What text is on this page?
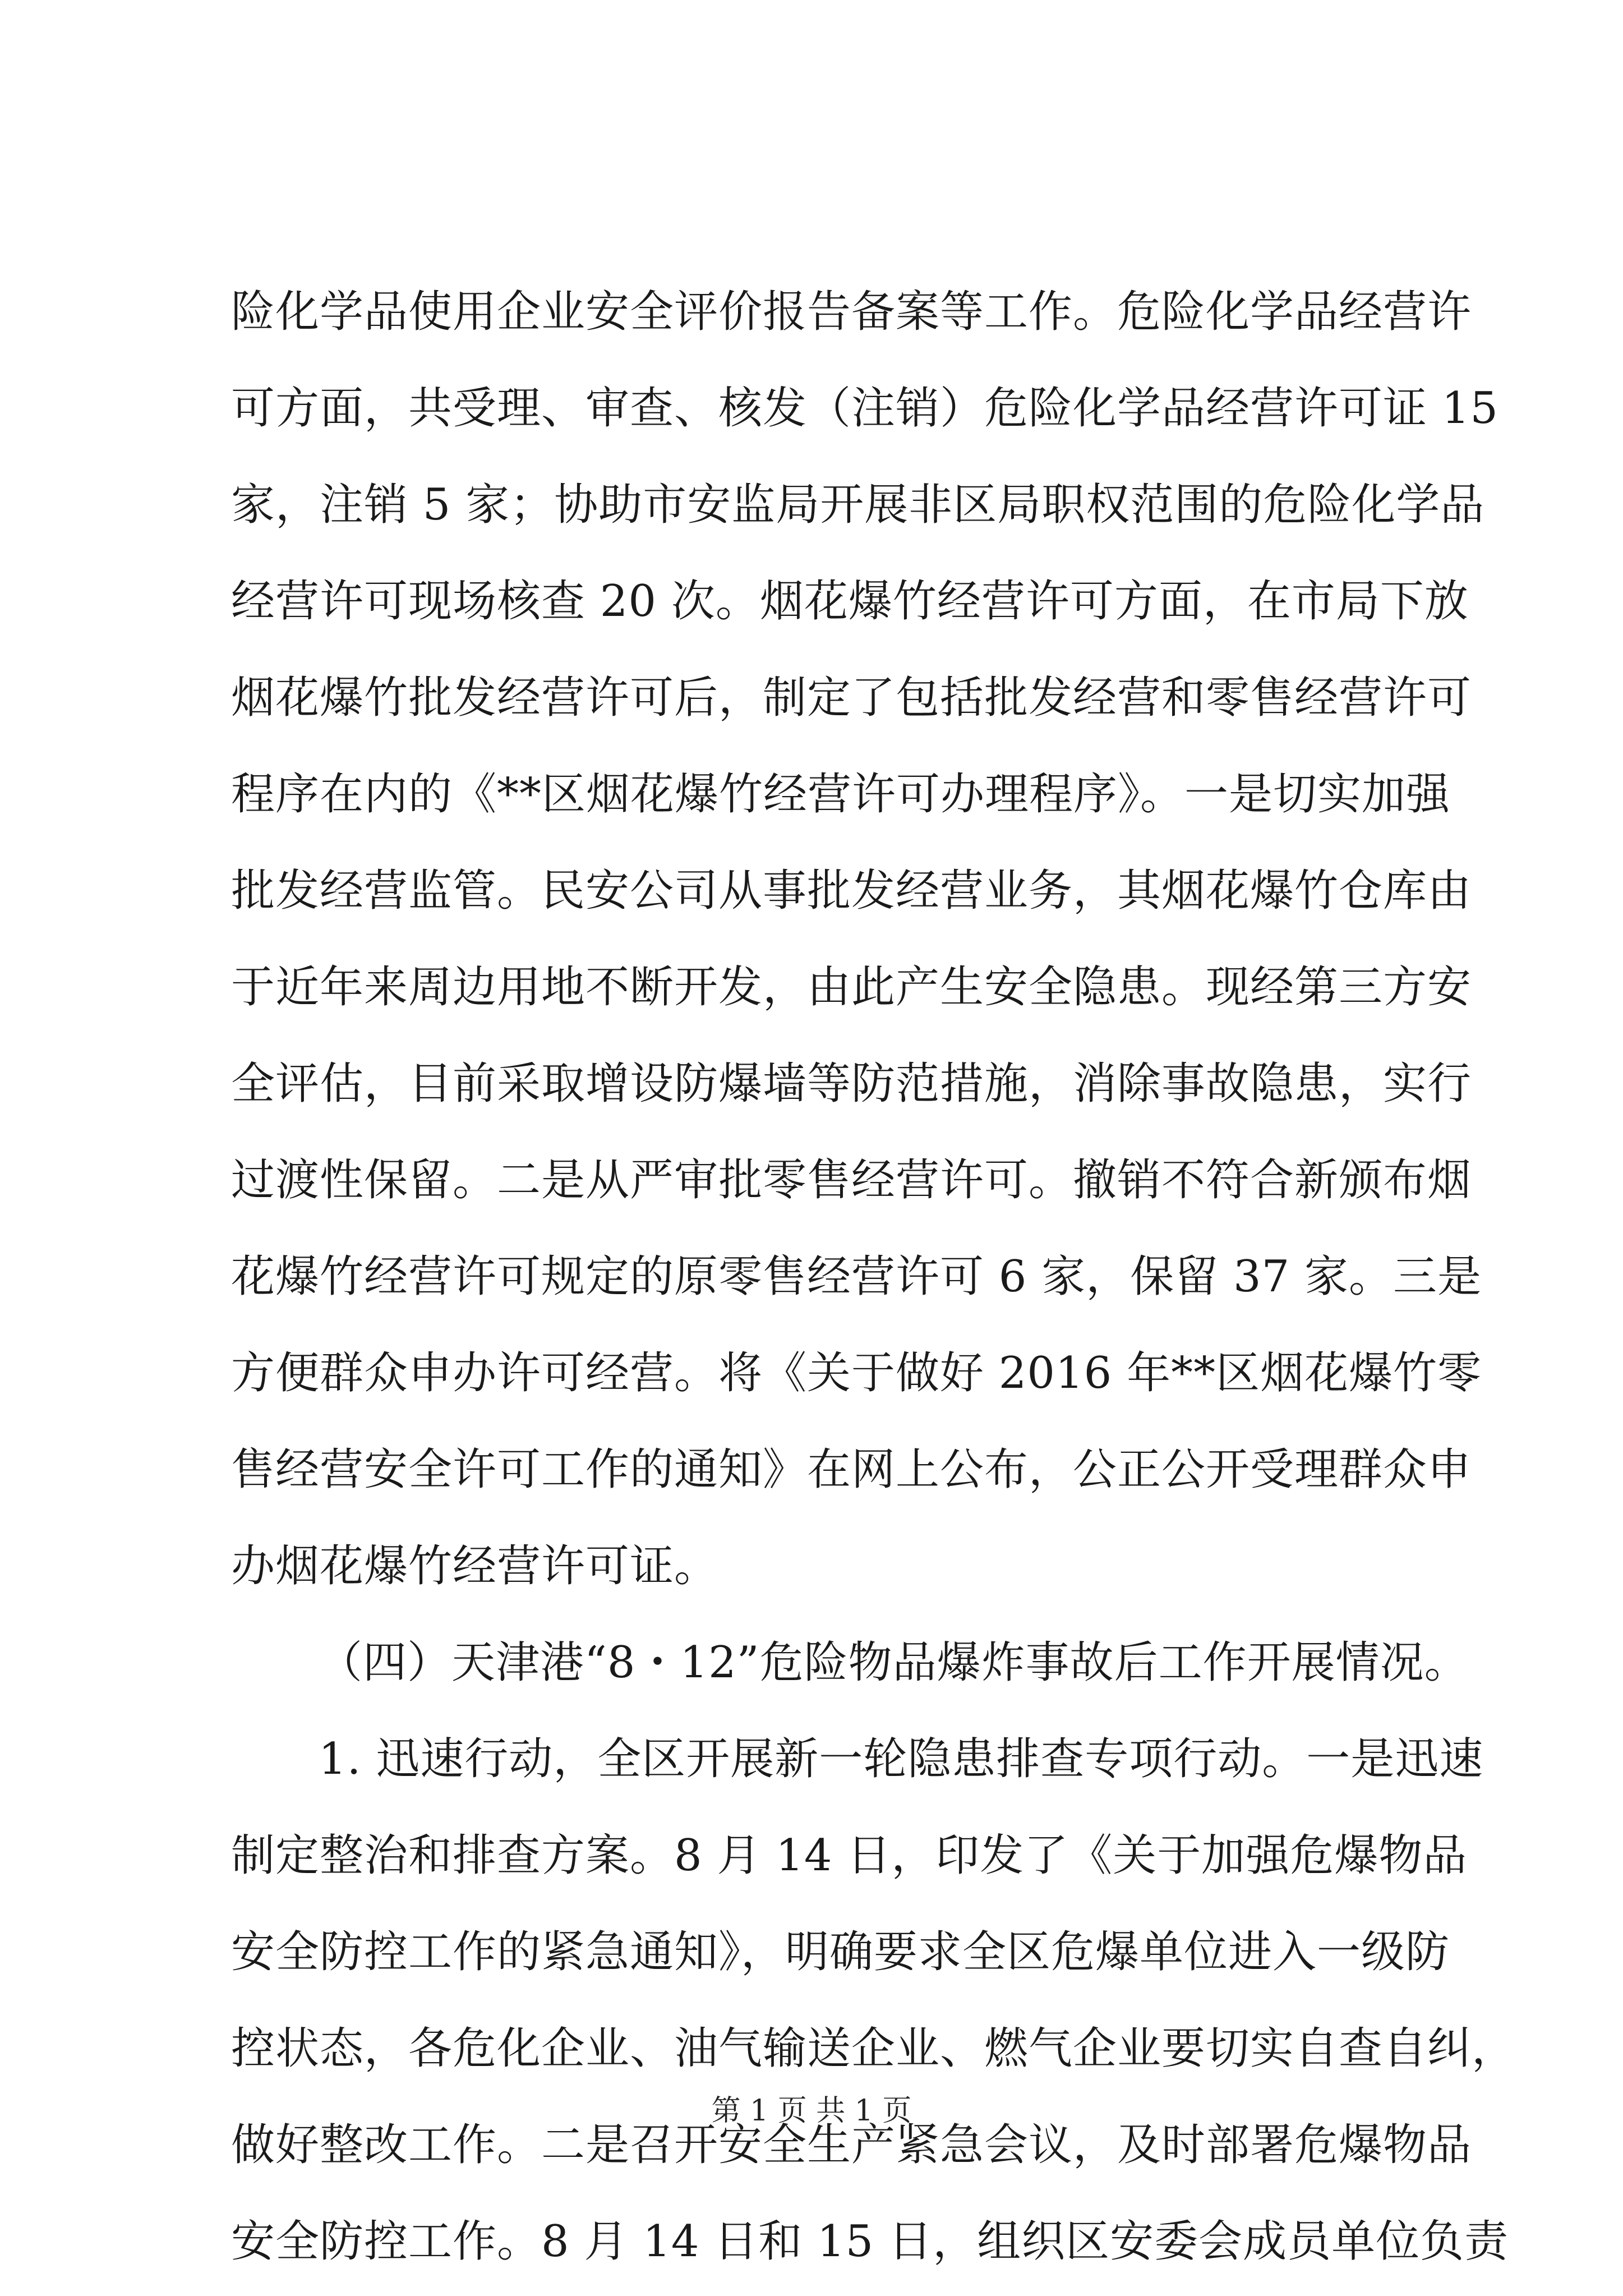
险化学品使用企业安全评价报告备案等工作。危险化学品经营许
可方面，共受理、审查、核发（注销）危险化学品经营许可证 15
家，注销 5 家；协助市安监局开展非区局职权范围的危险化学品
经营许可现场核查 20 次。烟花爆竹经营许可方面，在市局下放
烟花爆竹批发经营许可后，制定了包括批发经营和零售经营许可
程序在内的《**区烟花爆竹经营许可办理程序》。一是切实加强
批发经营监管。民安公司从事批发经营业务，其烟花爆竹仓库由
于近年来周边用地不断开发，由此产生安全隐患。现经第三方安
全评估，目前采取增设防爆墙等防范措施，消除事故隐患，实行
过渡性保留。二是从严审批零售经营许可。撤销不符合新颁布烟
花爆竹经营许可规定的原零售经营许可 6 家，保留 37 家。三是
方便群众申办许可经营。将《关于做好 2016 年**区烟花爆竹零
售经营安全许可工作的通知》在网上公布，公正公开受理群众申
办烟花爆竹经营许可证。
（四）天津港“8・12”危险物品爆炸事故后工作开展情况。
1. 迅速行动，全区开展新一轮隐患排查专项行动。一是迅速
制定整治和排查方案。8 月 14 日，印发了《关于加强危爆物品
安全防控工作的紧急通知》，明确要求全区危爆单位进入一级防
控状态，各危化企业、油气输送企业、燃气企业要切实自查自纠，
做好整改工作。二是召开安全生产紧急会议，及时部署危爆物品
安全防控工作。8 月 14 日和 15 日，组织区安委会成员单位负责
第 1 页 共 1 页
